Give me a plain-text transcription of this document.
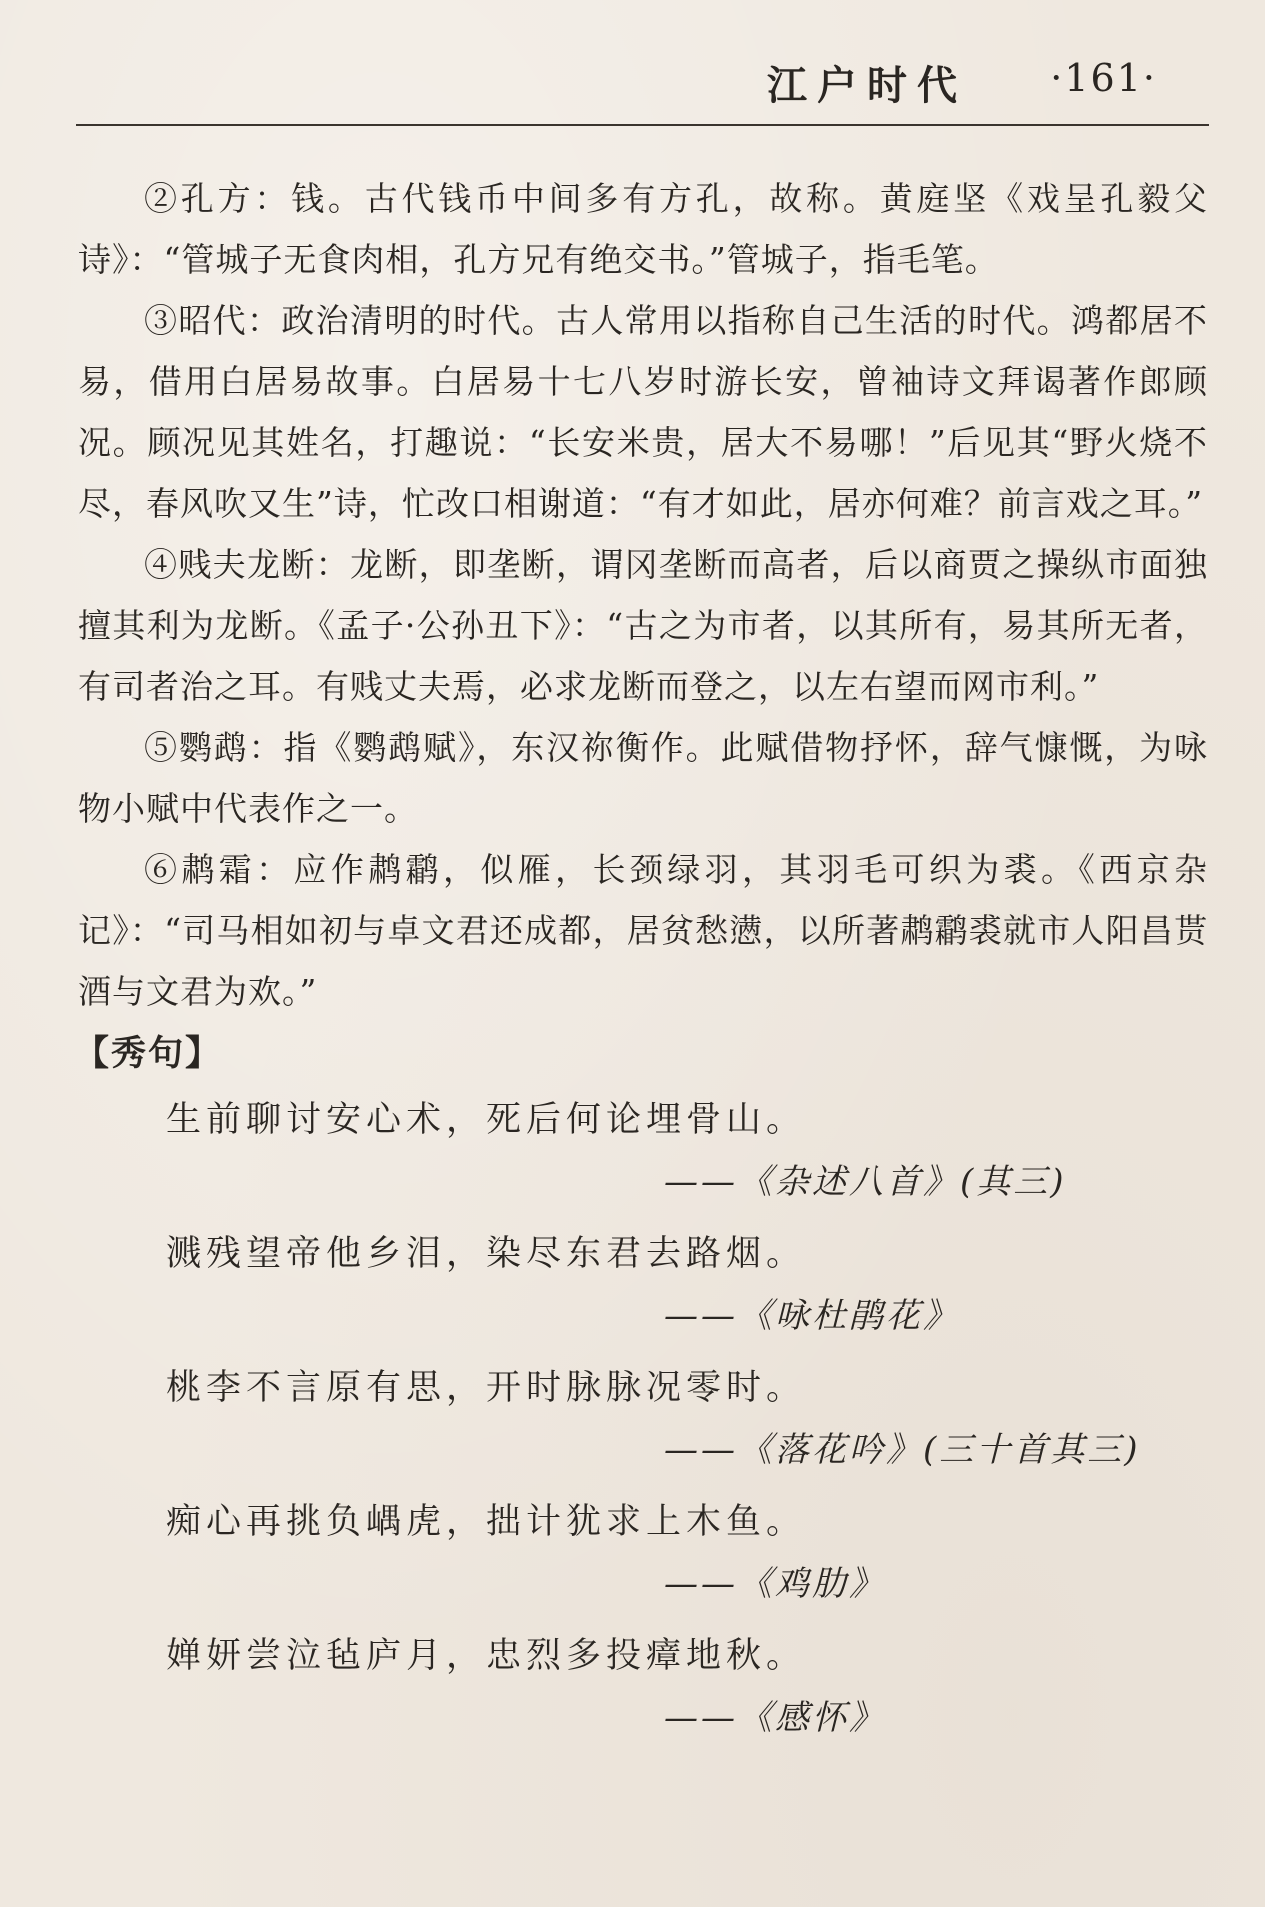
江户时代 ·161·

②孔方：钱。古代钱币中间多有方孔，故称。黄庭坚《戏呈孔毅父诗》：“管城子无食肉相，孔方兄有绝交书。”管城子，指毛笔。

③昭代：政治清明的时代。古人常用以指称自己生活的时代。鸿都居不易，借用白居易故事。白居易十七八岁时游长安，曾袖诗文拜谒著作郎顾况。顾况见其姓名，打趣说：“长安米贵，居大不易哪！”后见其“野火烧不尽，春风吹又生”诗，忙改口相谢道：“有才如此，居亦何难？前言戏之耳。”

④贱夫龙断：龙断，即垄断，谓冈垄断而高者，后以商贾之操纵市面独擅其利为龙断。《孟子·公孙丑下》：“古之为市者，以其所有，易其所无者，有司者治之耳。有贱丈夫焉，必求龙断而登之，以左右望而网市利。”

⑤鹦鹉：指《鹦鹉赋》，东汉祢衡作。此赋借物抒怀，辞气慷慨，为咏物小赋中代表作之一。

⑥鹔霜：应作鹔鹴，似雁，长颈绿羽，其羽毛可织为裘。《西京杂记》：“司马相如初与卓文君还成都，居贫愁懑，以所著鹔鹴裘就市人阳昌贳酒与文君为欢。”

【秀句】

生前聊讨安心术，死后何论埋骨山。

——《杂述八首》(其三)

溅残望帝他乡泪，染尽东君去路烟。

——《咏杜鹃花》

桃李不言原有思，开时脉脉况零时。

——《落花吟》(三十首其三)

痴心再挑负嵎虎，拙计犹求上木鱼。

——《鸡肋》

婵妍尝泣毡庐月，忠烈多投瘴地秋。

——《感怀》
